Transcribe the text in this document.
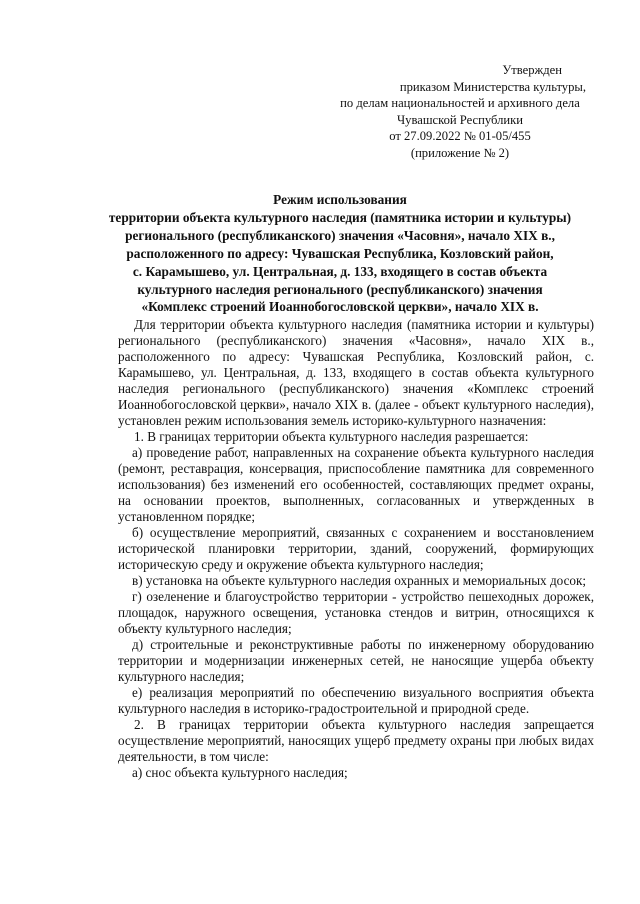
Утвержден
приказом Министерства культуры,
по делам национальностей и архивного дела
Чувашской Республики
от 27.09.2022 № 01-05/455
(приложение № 2)
Режим использования
территории объекта культурного наследия (памятника истории и культуры)
регионального (республиканского) значения «Часовня», начало XIX в.,
расположенного по адресу: Чувашская Республика, Козловский район,
с. Карамышево, ул. Центральная, д. 133, входящего в состав объекта
культурного наследия регионального (республиканского) значения
«Комплекс строений Иоаннобогословской церкви», начало XIX в.

Для территории объекта культурного наследия (памятника истории и культуры) регионального (республиканского) значения «Часовня», начало XIX в., расположенного по адресу: Чувашская Республика, Козловский район, с. Карамышево, ул. Центральная, д. 133, входящего в состав объекта культурного наследия регионального (республиканского) значения «Комплекс строений Иоаннобогословской церкви», начало XIX в. (далее - объект культурного наследия), установлен режим использования земель историко-культурного назначения:

1. В границах территории объекта культурного наследия разрешается:

а) проведение работ, направленных на сохранение объекта культурного наследия (ремонт, реставрация, консервация, приспособление памятника для современного использования) без изменений его особенностей, составляющих предмет охраны, на основании проектов, выполненных, согласованных и утвержденных в установленном порядке;

б) осуществление мероприятий, связанных с сохранением и восстановлением исторической планировки территории, зданий, сооружений, формирующих историческую среду и окружение объекта культурного наследия;

в) установка на объекте культурного наследия охранных и мемориальных досок;

г) озеленение и благоустройство территории - устройство пешеходных дорожек, площадок, наружного освещения, установка стендов и витрин, относящихся к объекту культурного наследия;

д) строительные и реконструктивные работы по инженерному оборудованию территории и модернизации инженерных сетей, не наносящие ущерба объекту культурного наследия;

е) реализация мероприятий по обеспечению визуального восприятия объекта культурного наследия в историко-градостроительной и природной среде.

2. В границах территории объекта культурного наследия запрещается осуществление мероприятий, наносящих ущерб предмету охраны при любых видах деятельности, в том числе:

а) снос объекта культурного наследия;
